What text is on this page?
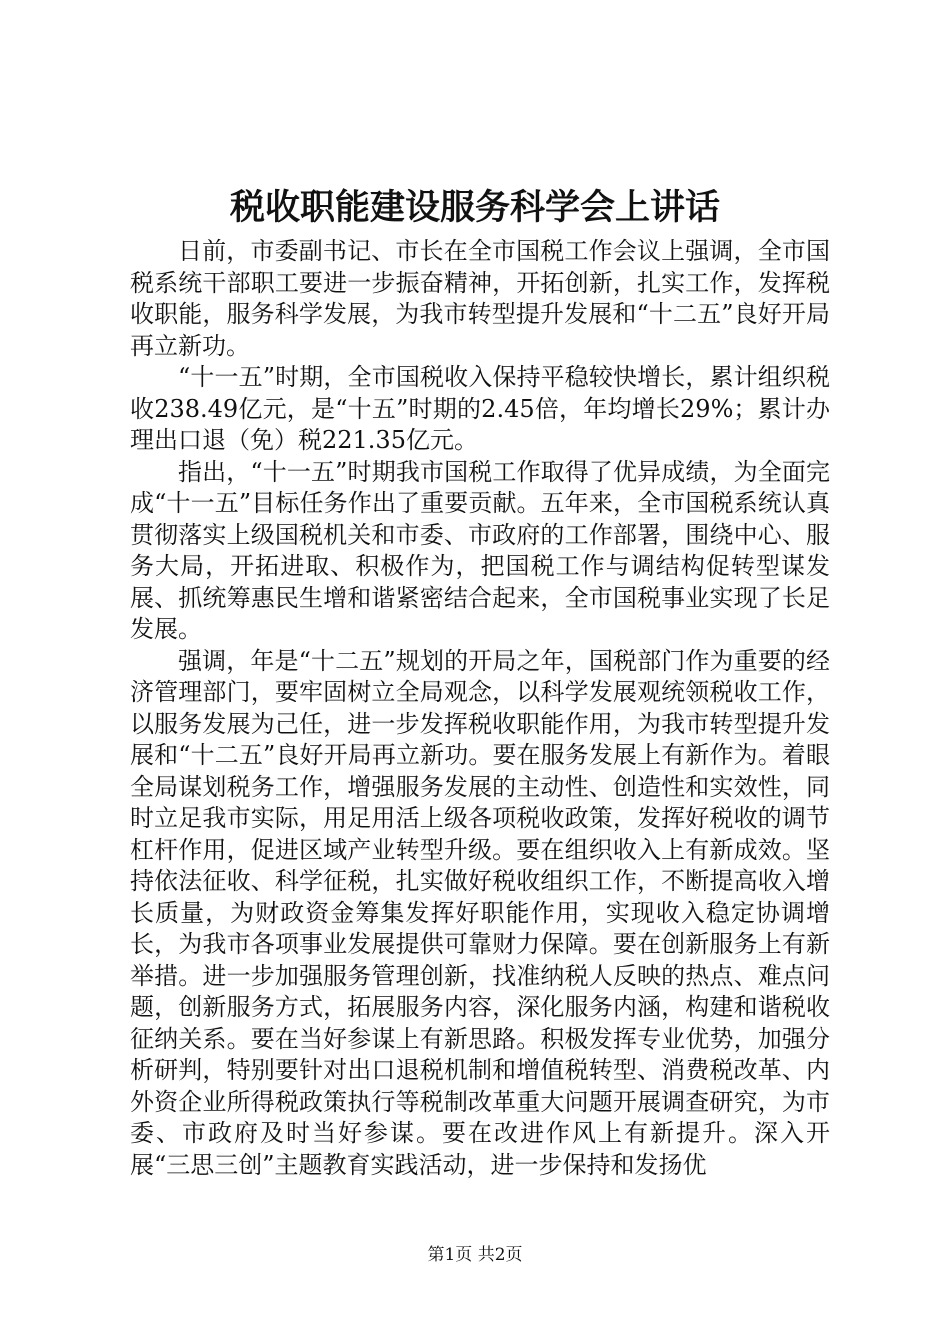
税收职能建设服务科学会上讲话

日前，市委副书记、市长在全市国税工作会议上强调，全市国税系统干部职工要进一步振奋精神，开拓创新，扎实工作，发挥税收职能，服务科学发展，为我市转型提升发展和“十二五”良好开局再立新功。

“十一五”时期，全市国税收入保持平稳较快增长，累计组织税收238.49亿元，是“十五”时期的2.45倍，年均增长29%；累计办理出口退（免）税221.35亿元。

指出，“十一五”时期我市国税工作取得了优异成绩，为全面完成“十一五”目标任务作出了重要贡献。五年来，全市国税系统认真贯彻落实上级国税机关和市委、市政府的工作部署，围绕中心、服务大局，开拓进取、积极作为，把国税工作与调结构促转型谋发展、抓统筹惠民生增和谐紧密结合起来，全市国税事业实现了长足发展。

强调，年是“十二五”规划的开局之年，国税部门作为重要的经济管理部门，要牢固树立全局观念，以科学发展观统领税收工作，以服务发展为己任，进一步发挥税收职能作用，为我市转型提升发展和“十二五”良好开局再立新功。要在服务发展上有新作为。着眼全局谋划税务工作，增强服务发展的主动性、创造性和实效性，同时立足我市实际，用足用活上级各项税收政策，发挥好税收的调节杠杆作用，促进区域产业转型升级。要在组织收入上有新成效。坚持依法征收、科学征税，扎实做好税收组织工作，不断提高收入增长质量，为财政资金筹集发挥好职能作用，实现收入稳定协调增长，为我市各项事业发展提供可靠财力保障。要在创新服务上有新举措。进一步加强服务管理创新，找准纳税人反映的热点、难点问题，创新服务方式，拓展服务内容，深化服务内涵，构建和谐税收征纳关系。要在当好参谋上有新思路。积极发挥专业优势，加强分析研判，特别要针对出口退税机制和增值税转型、消费税改革、内外资企业所得税政策执行等税制改革重大问题开展调查研究，为市委、市政府及时当好参谋。要在改进作风上有新提升。深入开展“三思三创”主题教育实践活动，进一步保持和发扬优

第1页 共2页
